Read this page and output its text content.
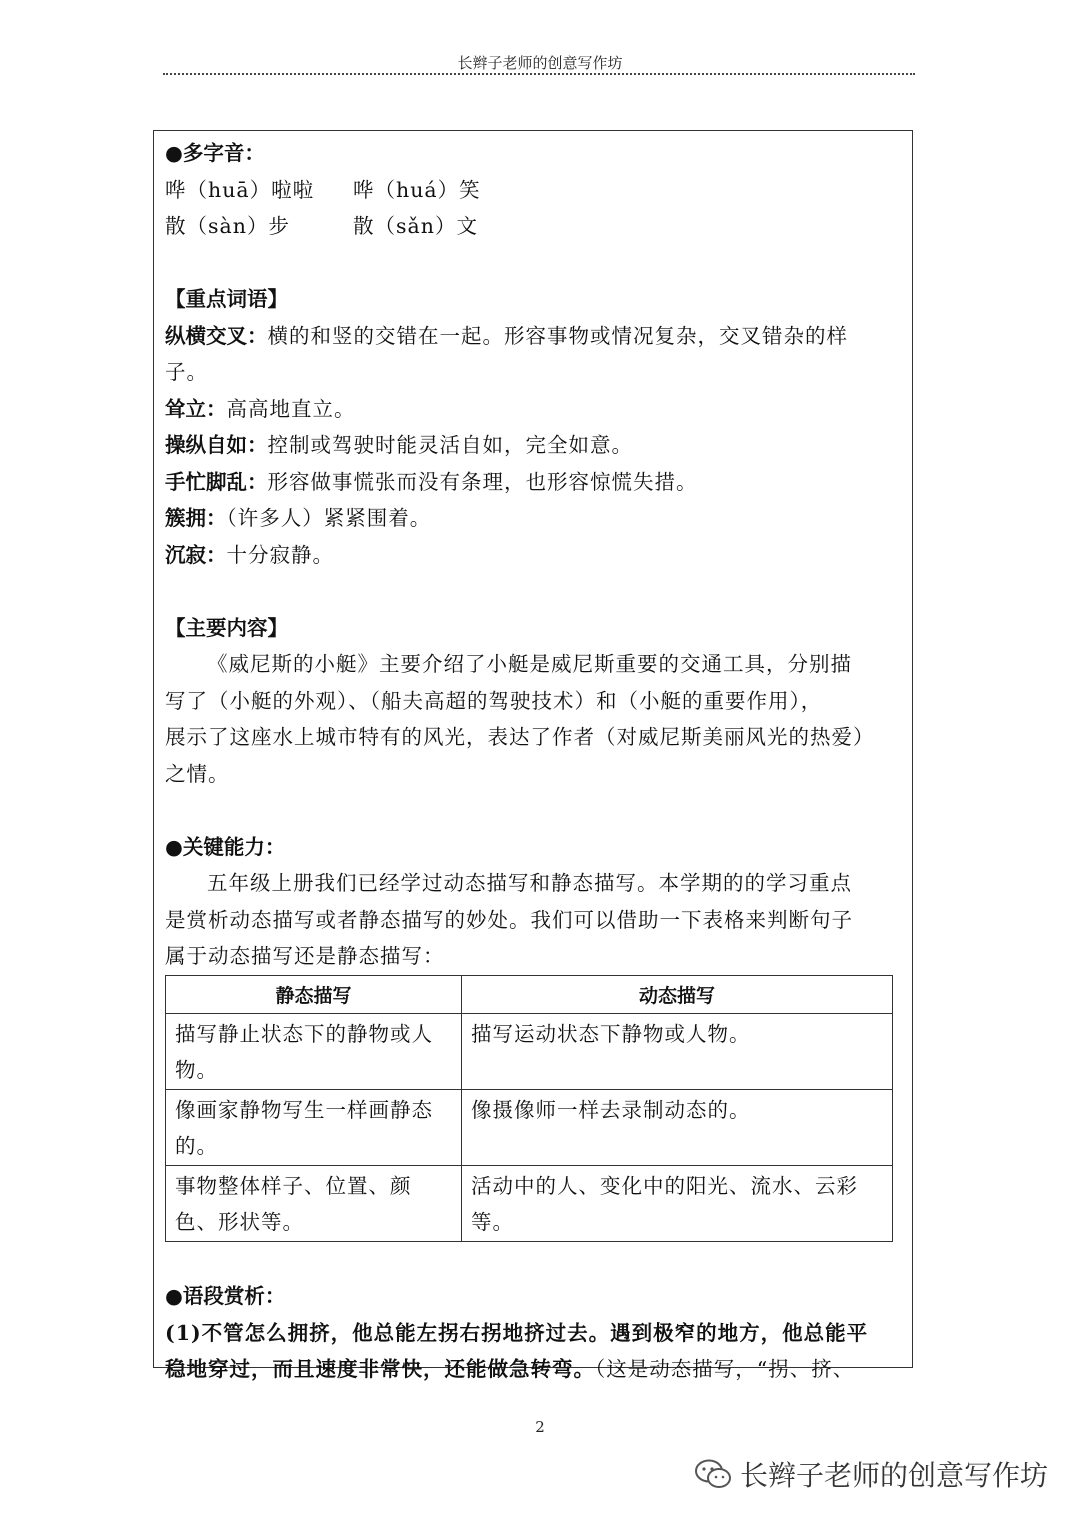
长辫子老师的创意写作坊
●多字音：
哗（huā）啦啦 哗（huá）笑
散（sàn）步	散（sǎn）文
【重点词语】
纵横交叉：横的和竖的交错在一起。形容事物或情况复杂，交叉错杂的样
子。
耸立：高高地直立。
操纵自如：控制或驾驶时能灵活自如，完全如意。
手忙脚乱：形容做事慌张而没有条理，也形容惊慌失措。
簇拥：（许多人）紧紧围着。
沉寂：十分寂静。
【主要内容】
《威尼斯的小艇》主要介绍了小艇是威尼斯重要的交通工具，分别描
写了（小艇的外观）、（船夫高超的驾驶技术）和（小艇的重要作用），
展示了这座水上城市特有的风光，表达了作者（对威尼斯美丽风光的热爱）
之情。
●关键能力：
五年级上册我们已经学过动态描写和静态描写。本学期的的学习重点
是赏析动态描写或者静态描写的妙处。我们可以借助一下表格来判断句子
属于动态描写还是静态描写：
静态描写	动态描写
描写静止状态下的静物或人物。	描写运动状态下静物或人物。
像画家静物写生一样画静态的。	像摄像师一样去录制动态的。
事物整体样子、位置、颜色、形状等。	活动中的人、变化中的阳光、流水、云彩等。
●语段赏析：
(1)不管怎么拥挤，他总能左拐右拐地挤过去。遇到极窄的地方，他总能平
稳地穿过，而且速度非常快，还能做急转弯。（这是动态描写，“拐、挤、
2
长辫子老师的创意写作坊
